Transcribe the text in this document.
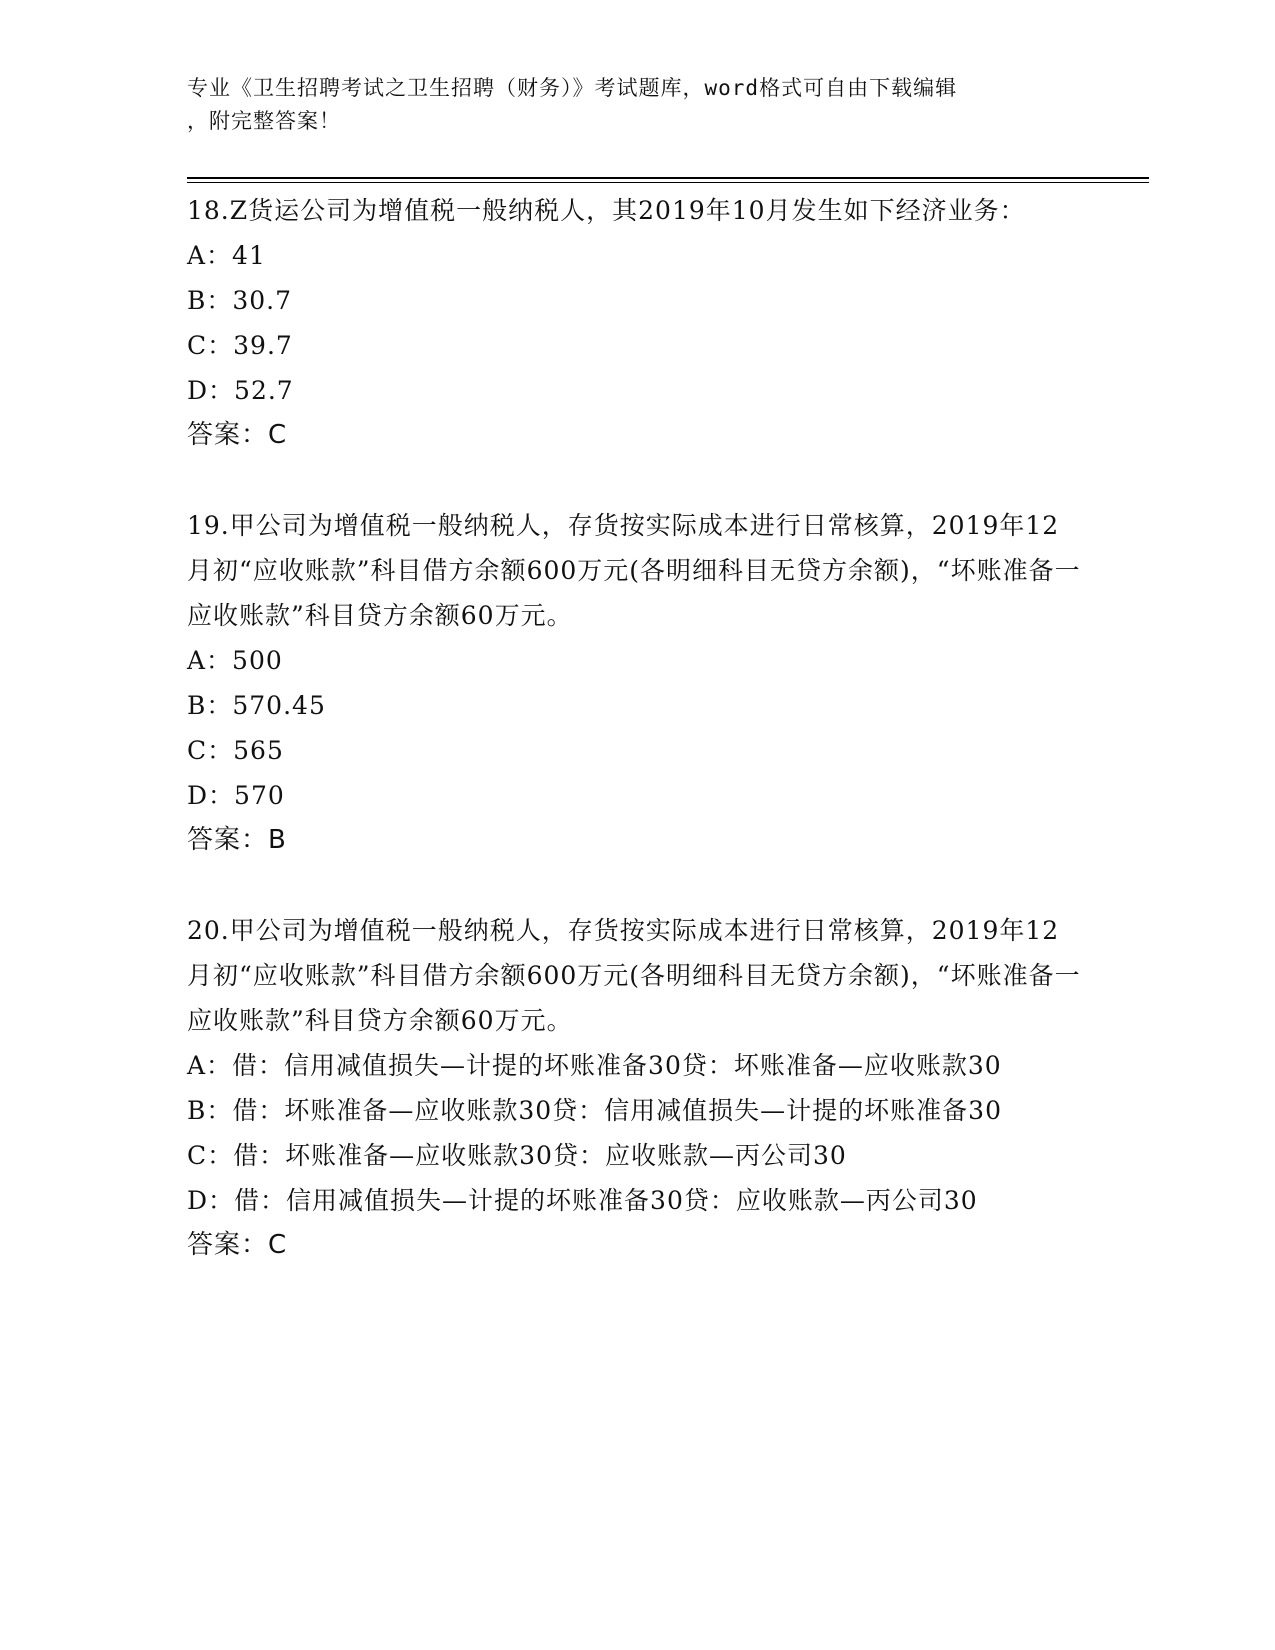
专业《卫生招聘考试之卫生招聘（财务）》考试题库，word格式可自由下载编辑
，附完整答案！

18.Z货运公司为增值税一般纳税人，其2019年10月发生如下经济业务：

A：41

B：30.7

C：39.7

D：52.7

答案：C

19.甲公司为增值税一般纳税人，存货按实际成本进行日常核算，2019年12月初“应收账款”科目借方余额600万元(各明细科目无贷方余额)，“坏账准备一应收账款”科目贷方余额60万元。

A：500

B：570.45

C：565

D：570

答案：B

20.甲公司为增值税一般纳税人，存货按实际成本进行日常核算，2019年12月初“应收账款”科目借方余额600万元(各明细科目无贷方余额)，“坏账准备一应收账款”科目贷方余额60万元。

A：借：信用减值损失—计提的坏账准备30贷：坏账准备—应收账款30

B：借：坏账准备—应收账款30贷：信用减值损失—计提的坏账准备30

C：借：坏账准备—应收账款30贷：应收账款—丙公司30

D：借：信用减值损失—计提的坏账准备30贷：应收账款—丙公司30

答案：C
